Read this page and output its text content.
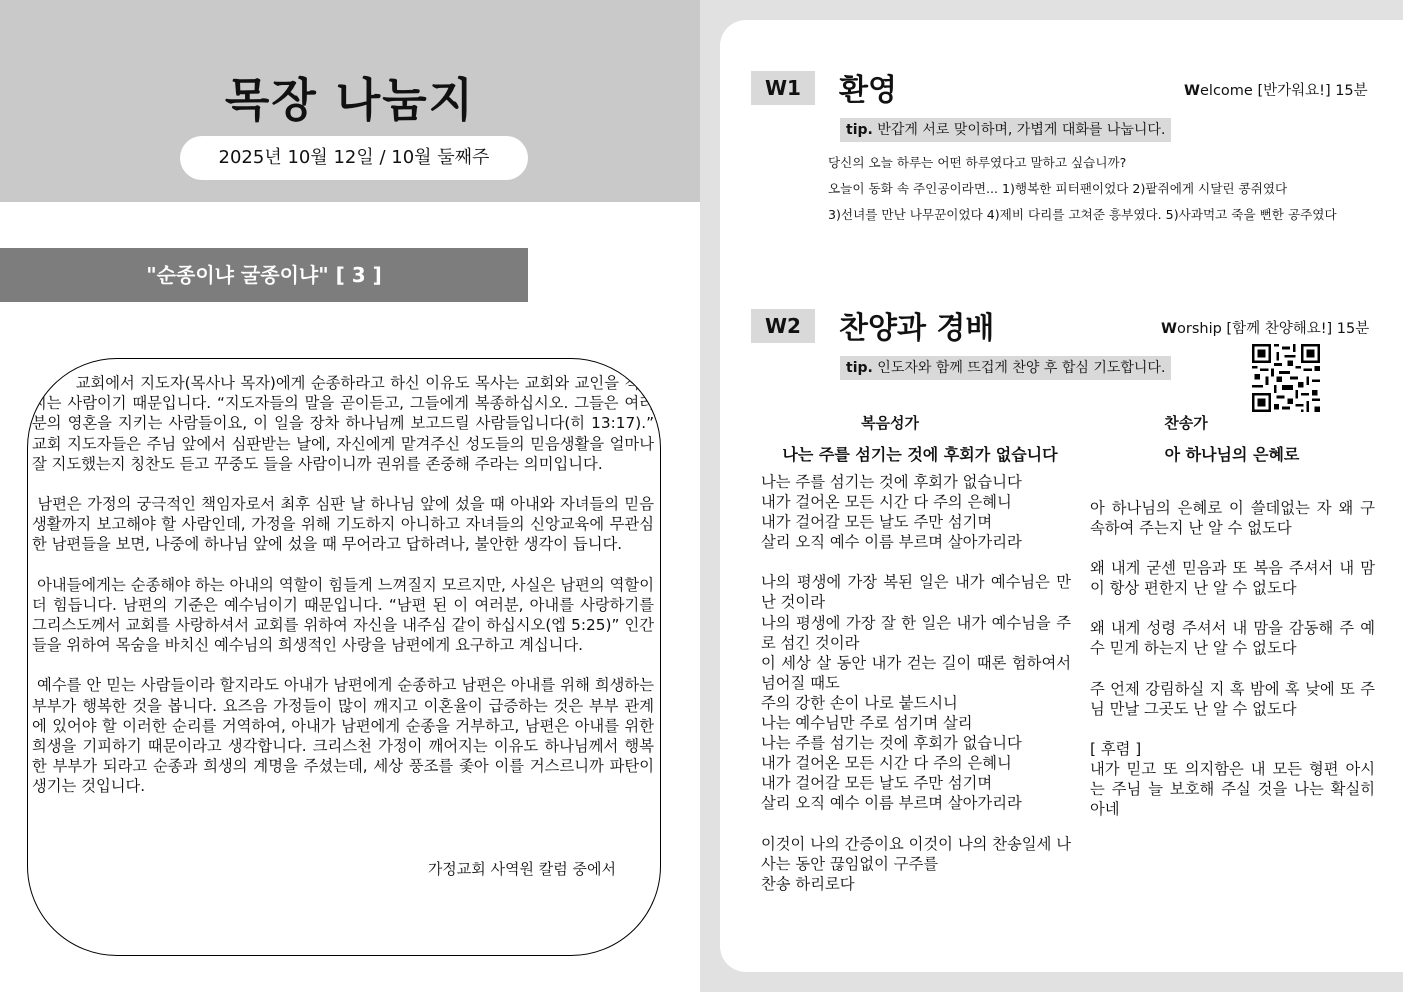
목장 나눔지
2025년 10월 12일 / 10월 둘째주
"순종이냐 굴종이냐" [ 3 ]

교회에서 지도자(목사나 목자)에게 순종하라고 하신 이유도 목사는 교회와 교인을 책임지는 사람이기 때문입니다. “지도자들의 말을 곧이듣고, 그들에게 복종하십시오. 그들은 여러분의 영혼을 지키는 사람들이요, 이 일을 장차 하나님께 보고드릴 사람들입니다(히 13:17).” 교회 지도자들은 주님 앞에서 심판받는 날에, 자신에게 맡겨주신 성도들의 믿음생활을 얼마나 잘 지도했는지 칭찬도 듣고 꾸중도 들을 사람이니까 권위를 존중해 주라는 의미입니다.

남편은 가정의 궁극적인 책임자로서 최후 심판 날 하나님 앞에 섰을 때 아내와 자녀들의 믿음생활까지 보고해야 할 사람인데, 가정을 위해 기도하지 아니하고 자녀들의 신앙교육에 무관심한 남편들을 보면, 나중에 하나님 앞에 섰을 때 무어라고 답하려나, 불안한 생각이 듭니다.

아내들에게는 순종해야 하는 아내의 역할이 힘들게 느껴질지 모르지만, 사실은 남편의 역할이 더 힘듭니다. 남편의 기준은 예수님이기 때문입니다. “남편 된 이 여러분, 아내를 사랑하기를 그리스도께서 교회를 사랑하셔서 교회를 위하여 자신을 내주심 같이 하십시오(엡 5:25)” 인간들을 위하여 목숨을 바치신 예수님의 희생적인 사랑을 남편에게 요구하고 계십니다.

예수를 안 믿는 사람들이라 할지라도 아내가 남편에게 순종하고 남편은 아내를 위해 희생하는 부부가 행복한 것을 봅니다. 요즈음 가정들이 많이 깨지고 이혼율이 급증하는 것은 부부 관계에 있어야 할 이러한 순리를 거역하여, 아내가 남편에게 순종을 거부하고, 남편은 아내를 위한 희생을 기피하기 때문이라고 생각합니다. 크리스천 가정이 깨어지는 이유도 하나님께서 행복한 부부가 되라고 순종과 희생의 계명을 주셨는데, 세상 풍조를 좇아 이를 거스르니까 파탄이 생기는 것입니다.

가정교회 사역원 칼럼 중에서
W1	환영	Welcome [반가워요!] 15분
tip. 반갑게 서로 맞이하며, 가볍게 대화를 나눕니다.
당신의 오늘 하루는 어떤 하루였다고 말하고 싶습니까?
오늘이 동화 속 주인공이라면... 1)행복한 피터팬이었다 2)팥쥐에게 시달린 콩쥐였다
3)선녀를 만난 나무꾼이었다 4)제비 다리를 고쳐준 흥부였다. 5)사과먹고 죽을 뻔한 공주였다
W2	찬양과 경배	Worship [함께 찬양해요!] 15분
tip. 인도자와 함께 뜨겁게 찬양 후 합심 기도합니다.
복음성가
나는 주를 섬기는 것에 후회가 없습니다

나는 주를 섬기는 것에 후회가 없습니다
내가 걸어온 모든 시간 다 주의 은혜니
내가 걸어갈 모든 날도 주만 섬기며
살리 오직 예수 이름 부르며 살아가리라

나의 평생에 가장 복된 일은 내가 예수님은 만난 것이라
나의 평생에 가장 잘 한 일은 내가 예수님을 주로 섬긴 것이라
이 세상 살 동안 내가 걷는 길이 때론 험하여서 넘어질 때도
주의 강한 손이 나로 붙드시니
나는 예수님만 주로 섬기며 살리
나는 주를 섬기는 것에 후회가 없습니다
내가 걸어온 모든 시간 다 주의 은혜니
내가 걸어갈 모든 날도 주만 섬기며
살리 오직 예수 이름 부르며 살아가리라

이것이 나의 간증이요 이것이 나의 찬송일세 나 사는 동안 끊임없이 구주를
찬송 하리로다

찬송가
아 하나님의 은혜로

아 하나님의 은혜로 이 쓸데없는 자 왜 구속하여 주는지 난 알 수 없도다

왜 내게 굳센 믿음과 또 복음 주셔서 내 맘이 항상 편한지 난 알 수 없도다

왜 내게 성령 주셔서 내 맘을 감동해 주 예수 믿게 하는지 난 알 수 없도다

주 언제 강림하실 지 혹 밤에 혹 낮에 또 주님 만날 그곳도 난 알 수 없도다

[ 후렴 ]
내가 믿고 또 의지함은 내 모든 형편 아시는 주님 늘 보호해 주실 것을 나는 확실히 아네
